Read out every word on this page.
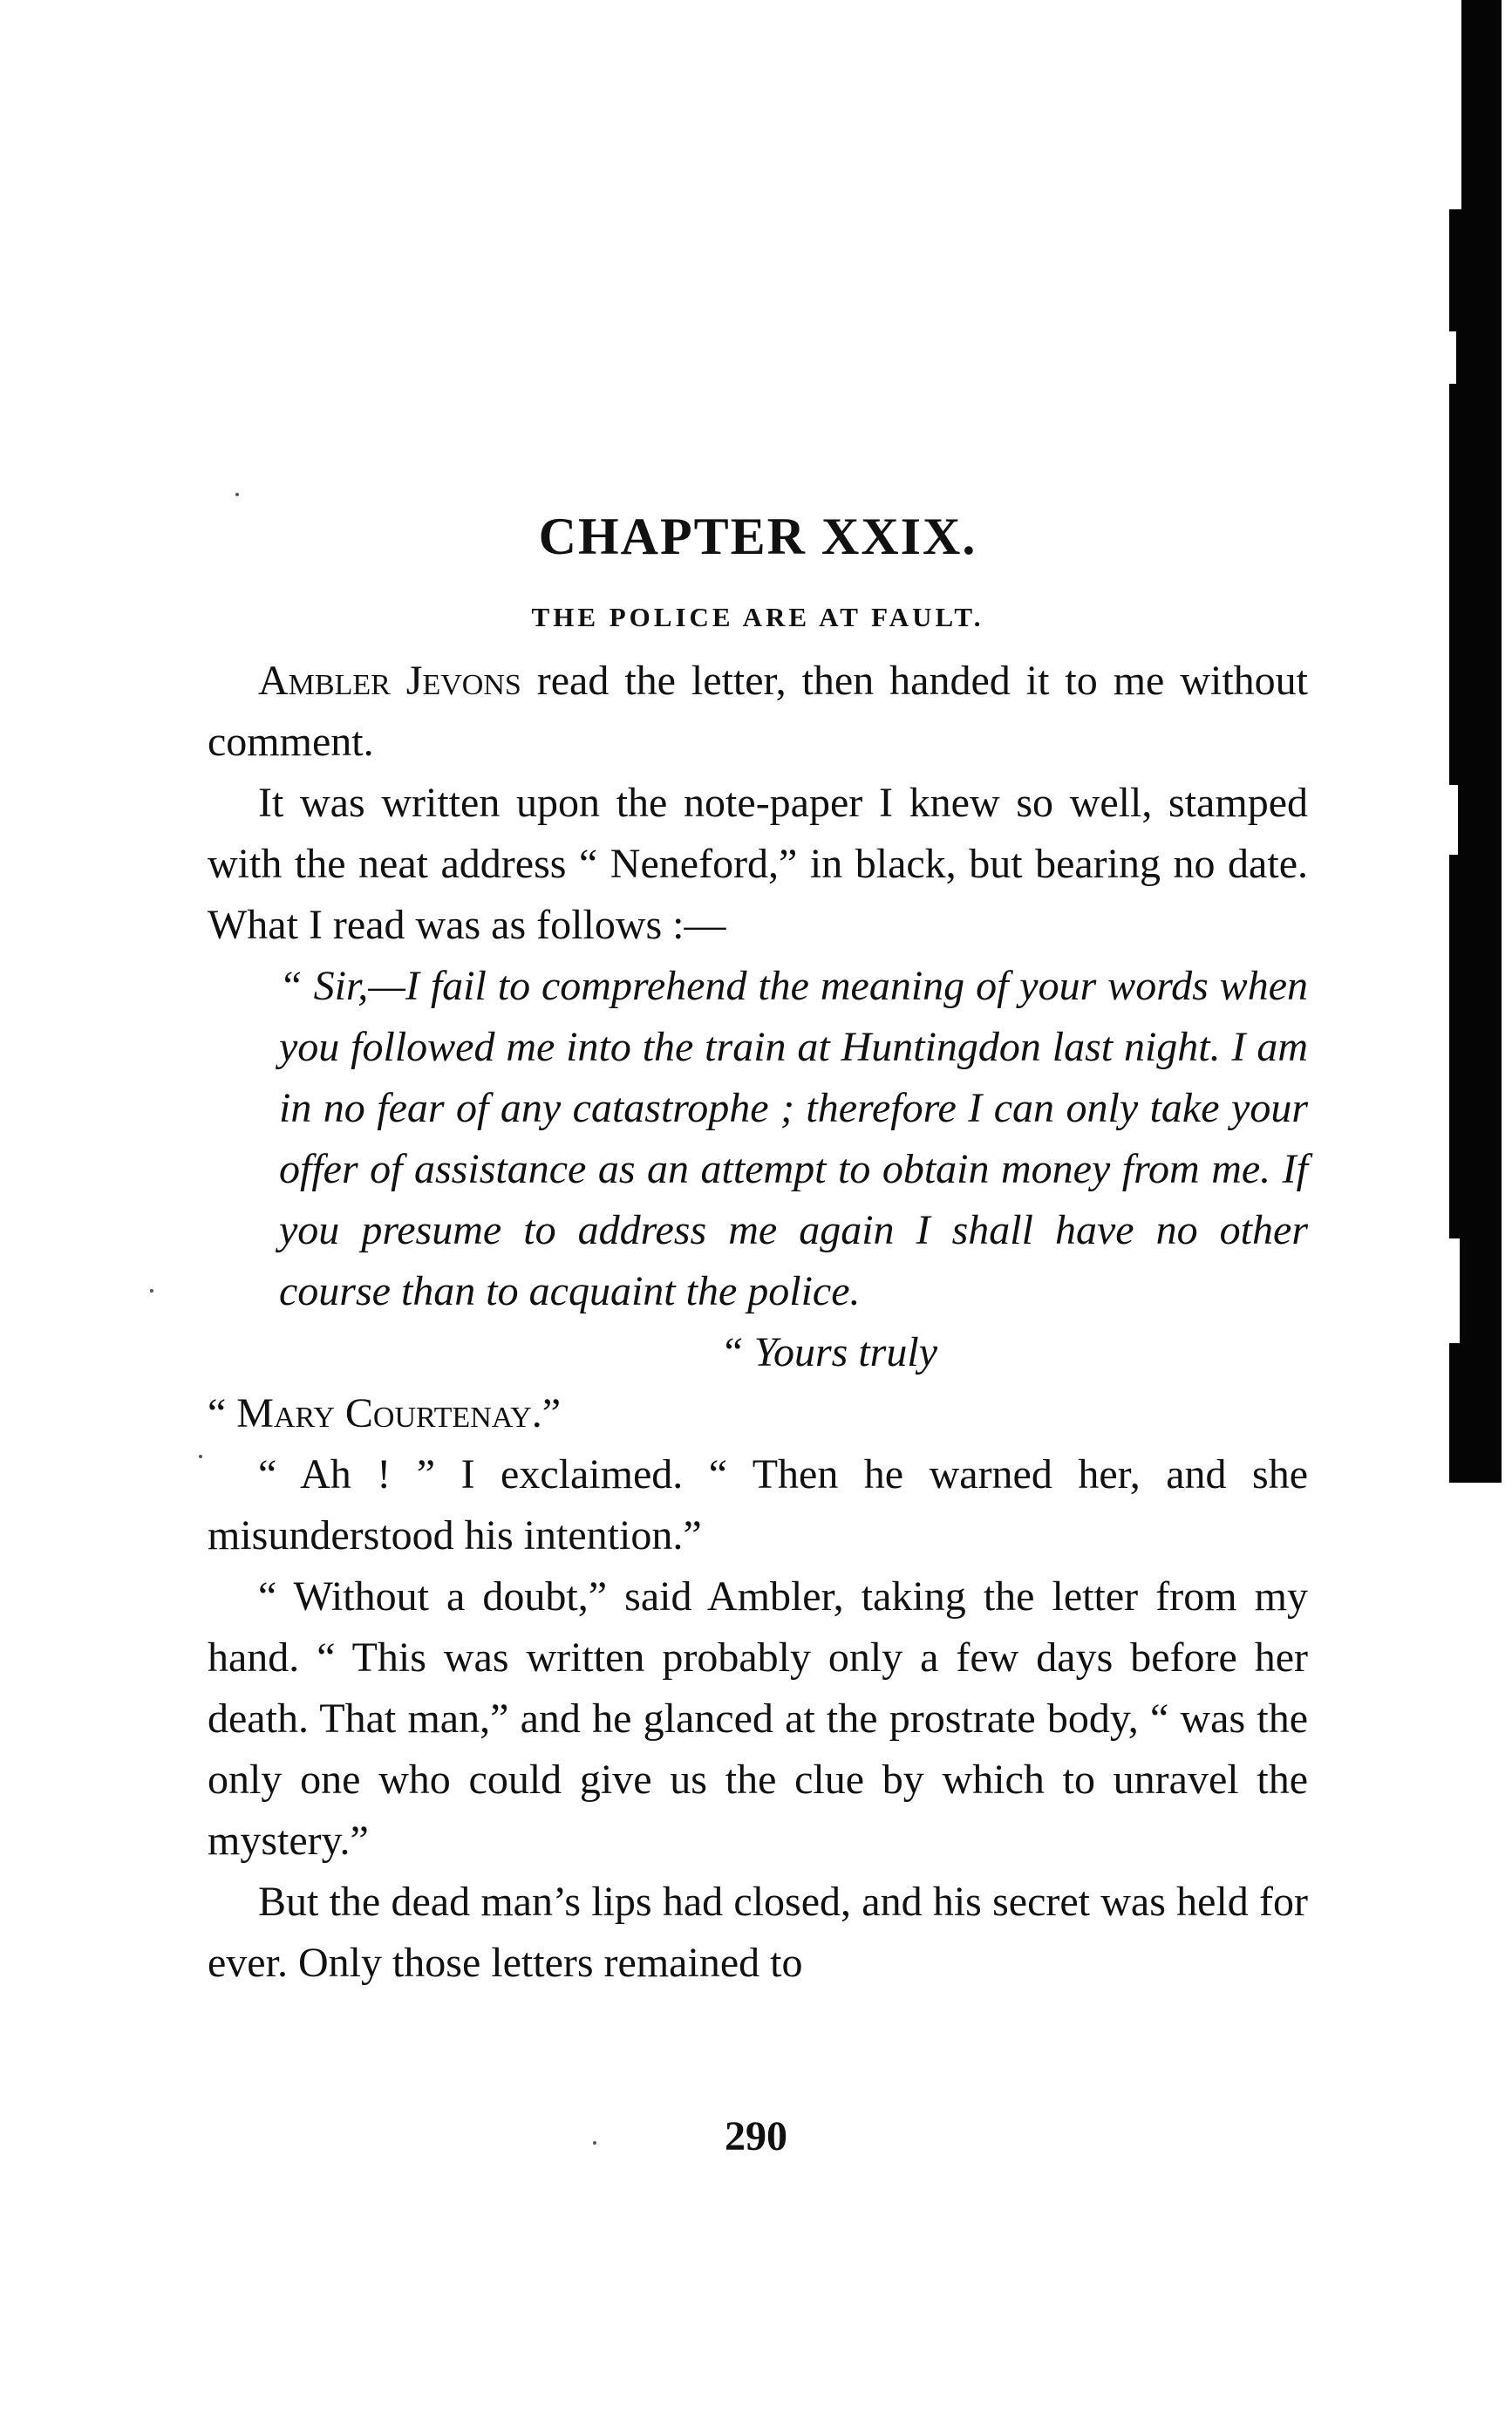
CHAPTER XXIX.
THE POLICE ARE AT FAULT.

Ambler Jevons read the letter, then handed it to me without comment.

It was written upon the note-paper I knew so well, stamped with the neat address “ Neneford,” in black, but bearing no date. What I read was as follows :—

“ Sir,—I fail to comprehend the meaning of your words when you followed me into the train at Huntingdon last night. I am in no fear of any catastrophe ; therefore I can only take your offer of assistance as an attempt to obtain money from me. If you presume to address me again I shall have no other course than to acquaint the police.

“ Yours truly

“ Mary Courtenay.”

“ Ah ! ” I exclaimed. “ Then he warned her, and she misunderstood his intention.”

“ Without a doubt,” said Ambler, taking the letter from my hand. “ This was written probably only a few days before her death. That man,” and he glanced at the prostrate body, “ was the only one who could give us the clue by which to unravel the mystery.”

But the dead man’s lips had closed, and his secret was held for ever. Only those letters remained to

290
